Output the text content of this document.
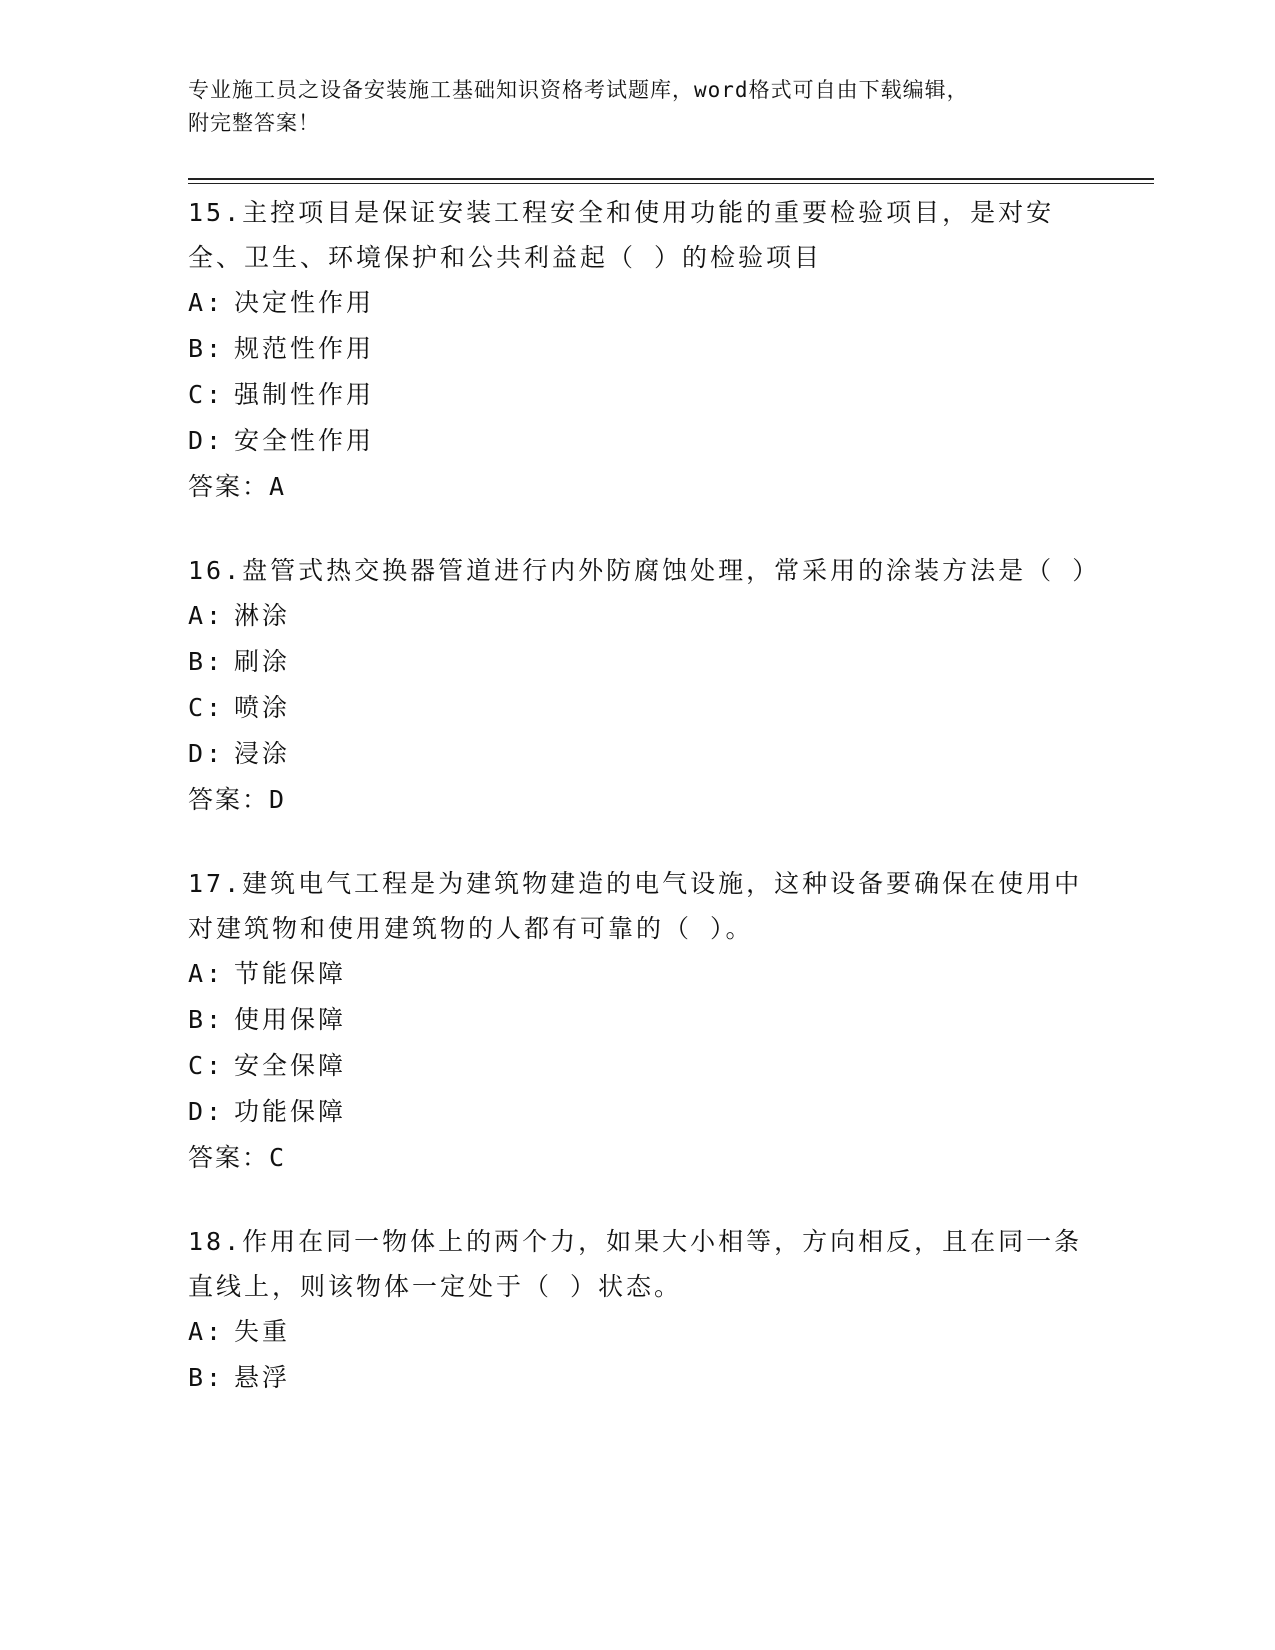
专业施工员之设备安装施工基础知识资格考试题库，word格式可自由下载编辑，
附完整答案！

15.主控项目是保证安装工程安全和使用功能的重要检验项目，是对安全、卫生、环境保护和公共利益起（ ）的检验项目

A: 决定性作用
B: 规范性作用
C: 强制性作用
D: 安全性作用
答案：A

16.盘管式热交换器管道进行内外防腐蚀处理，常采用的涂装方法是（ ）

A: 淋涂
B: 刷涂
C: 喷涂
D: 浸涂
答案：D

17.建筑电气工程是为建筑物建造的电气设施，这种设备要确保在使用中对建筑物和使用建筑物的人都有可靠的（ ）。

A: 节能保障
B: 使用保障
C: 安全保障
D: 功能保障
答案：C

18.作用在同一物体上的两个力，如果大小相等，方向相反，且在同一条直线上，则该物体一定处于（ ）状态。

A: 失重
B: 悬浮
